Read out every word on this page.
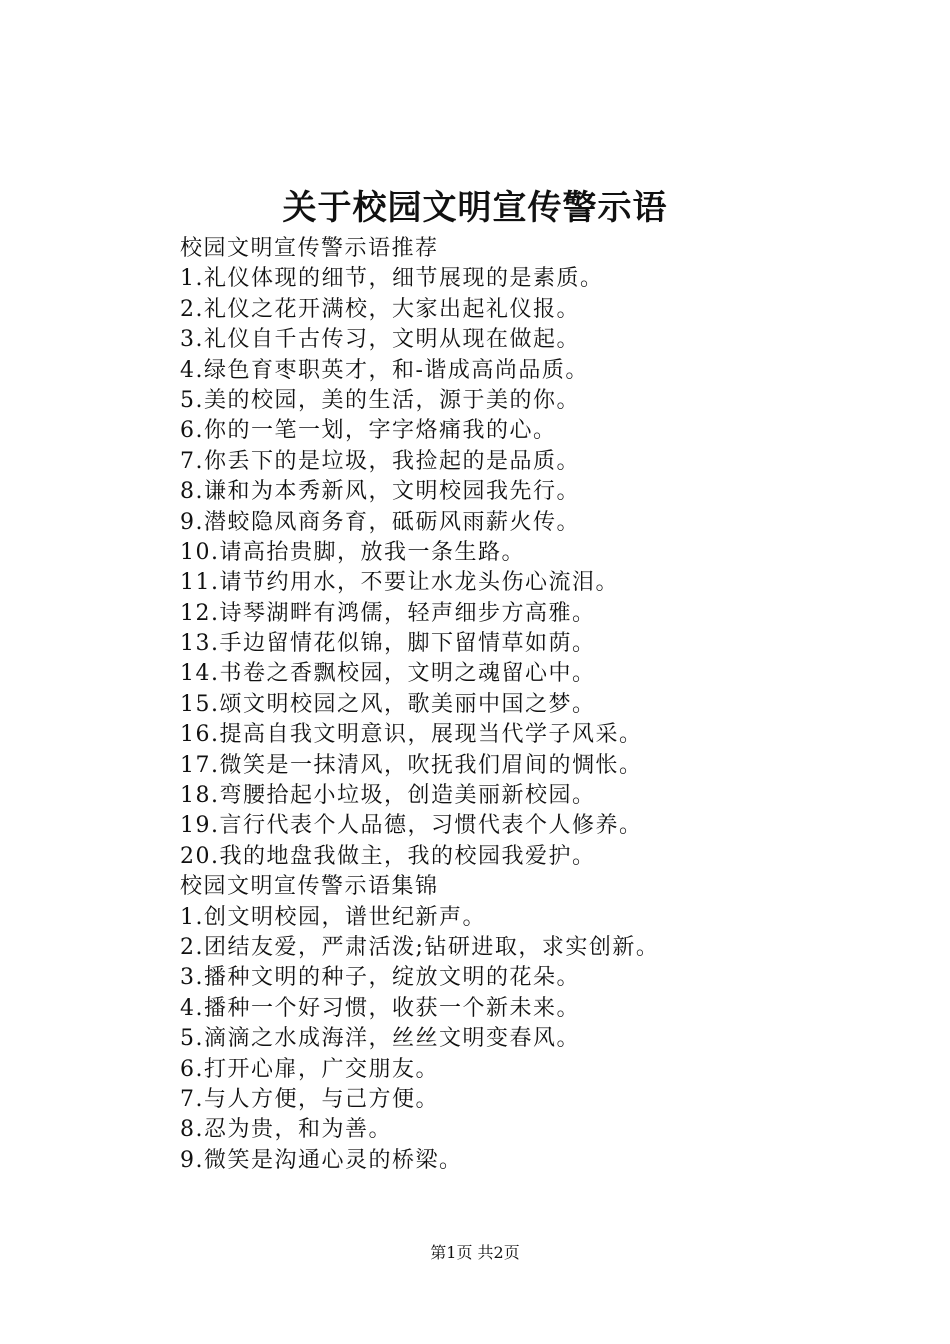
关于校园文明宣传警示语
校园文明宣传警示语推荐
1.礼仪体现的细节，细节展现的是素质。
2.礼仪之花开满校，大家出起礼仪报。
3.礼仪自千古传习，文明从现在做起。
4.绿色育枣职英才，和-谐成高尚品质。
5.美的校园，美的生活，源于美的你。
6.你的一笔一划，字字烙痛我的心。
7.你丢下的是垃圾，我捡起的是品质。
8.谦和为本秀新风，文明校园我先行。
9.潜蛟隐凤商务育，砥砺风雨薪火传。
10.请高抬贵脚，放我一条生路。
11.请节约用水，不要让水龙头伤心流泪。
12.诗琴湖畔有鸿儒，轻声细步方高雅。
13.手边留情花似锦，脚下留情草如荫。
14.书卷之香飘校园，文明之魂留心中。
15.颂文明校园之风，歌美丽中国之梦。
16.提高自我文明意识，展现当代学子风采。
17.微笑是一抹清风，吹抚我们眉间的惆怅。
18.弯腰拾起小垃圾，创造美丽新校园。
19.言行代表个人品德，习惯代表个人修养。
20.我的地盘我做主，我的校园我爱护。
校园文明宣传警示语集锦
1.创文明校园，谱世纪新声。
2.团结友爱，严肃活泼;钻研进取，求实创新。
3.播种文明的种子，绽放文明的花朵。
4.播种一个好习惯，收获一个新未来。
5.滴滴之水成海洋，丝丝文明变春风。
6.打开心扉，广交朋友。
7.与人方便，与己方便。
8.忍为贵，和为善。
9.微笑是沟通心灵的桥梁。
第1页 共2页
